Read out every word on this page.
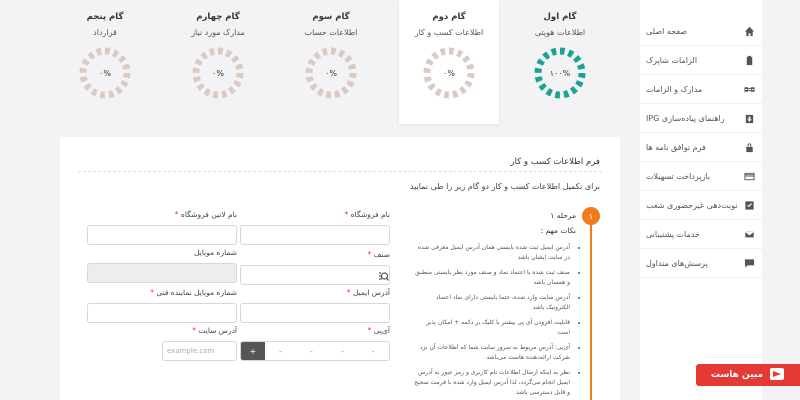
صفحه اصلی
الزامات شاپرک
مدارک و الزامات
راهنمای پیاده‌سازی IPG
فرم توافق نامه ها
بازپرداخت تسهیلات
نوبت‌دهی غیرحضوری شعب
خدمات پشتیبانی
پرسش‌های متداول
گام پنجم
قرارداد
۰%
گام چهارم
مدارک مورد نیاز
۰%
گام سوم
اطلاعات حساب
۰%
گام دوم
اطلاعات کسب و کار
۰%
گام اول
اطلاعات هویتی
۱۰۰%
فرم اطلاعات کسب و کار
برای تکمیل اطلاعات کسب و کار دو گام زیر را طی نمایید
۱
مرحله ۱
نکات مهم :
• آدرس ایمیل ثبت شده بایستی همان آدرس ایمیل معرفی شده در سایت ایشان باشد
• صنف ثبت شده با اعتماد نماد و صنف مورد نظر بایستی منطبق و همسان باشد
• آدرس سایت وارد شده، حتما بایستی دارای نماد اعتماد الکترونیک باشد
• قابلیت افزودن آی پی بیشتر با کلیک بر دکمه + امکان پذیر است
• آی‌پی: آدرس مربوط به سرور سایت شما که اطلاعات آن نزد شرکت ارائه‌دهنده هاست می‌باشد
• نظر به اینکه ارسال اطلاعات نام کاربری و رمز عبور به آدرس ایمیل انجام می‌گردد، لذا آدرس ایمیل وارد شده با فرمت صحیح و قابل دسترسی باشد
نام فروشگاه *
صنف *
آدرس ایمیل *
آی‌پی *
+	-	-	-	-
نام لاتین فروشگاه *
شماره موبایل
شماره موبایل نماینده فنی *
آدرس سایت *
example.com
مبین هاست
